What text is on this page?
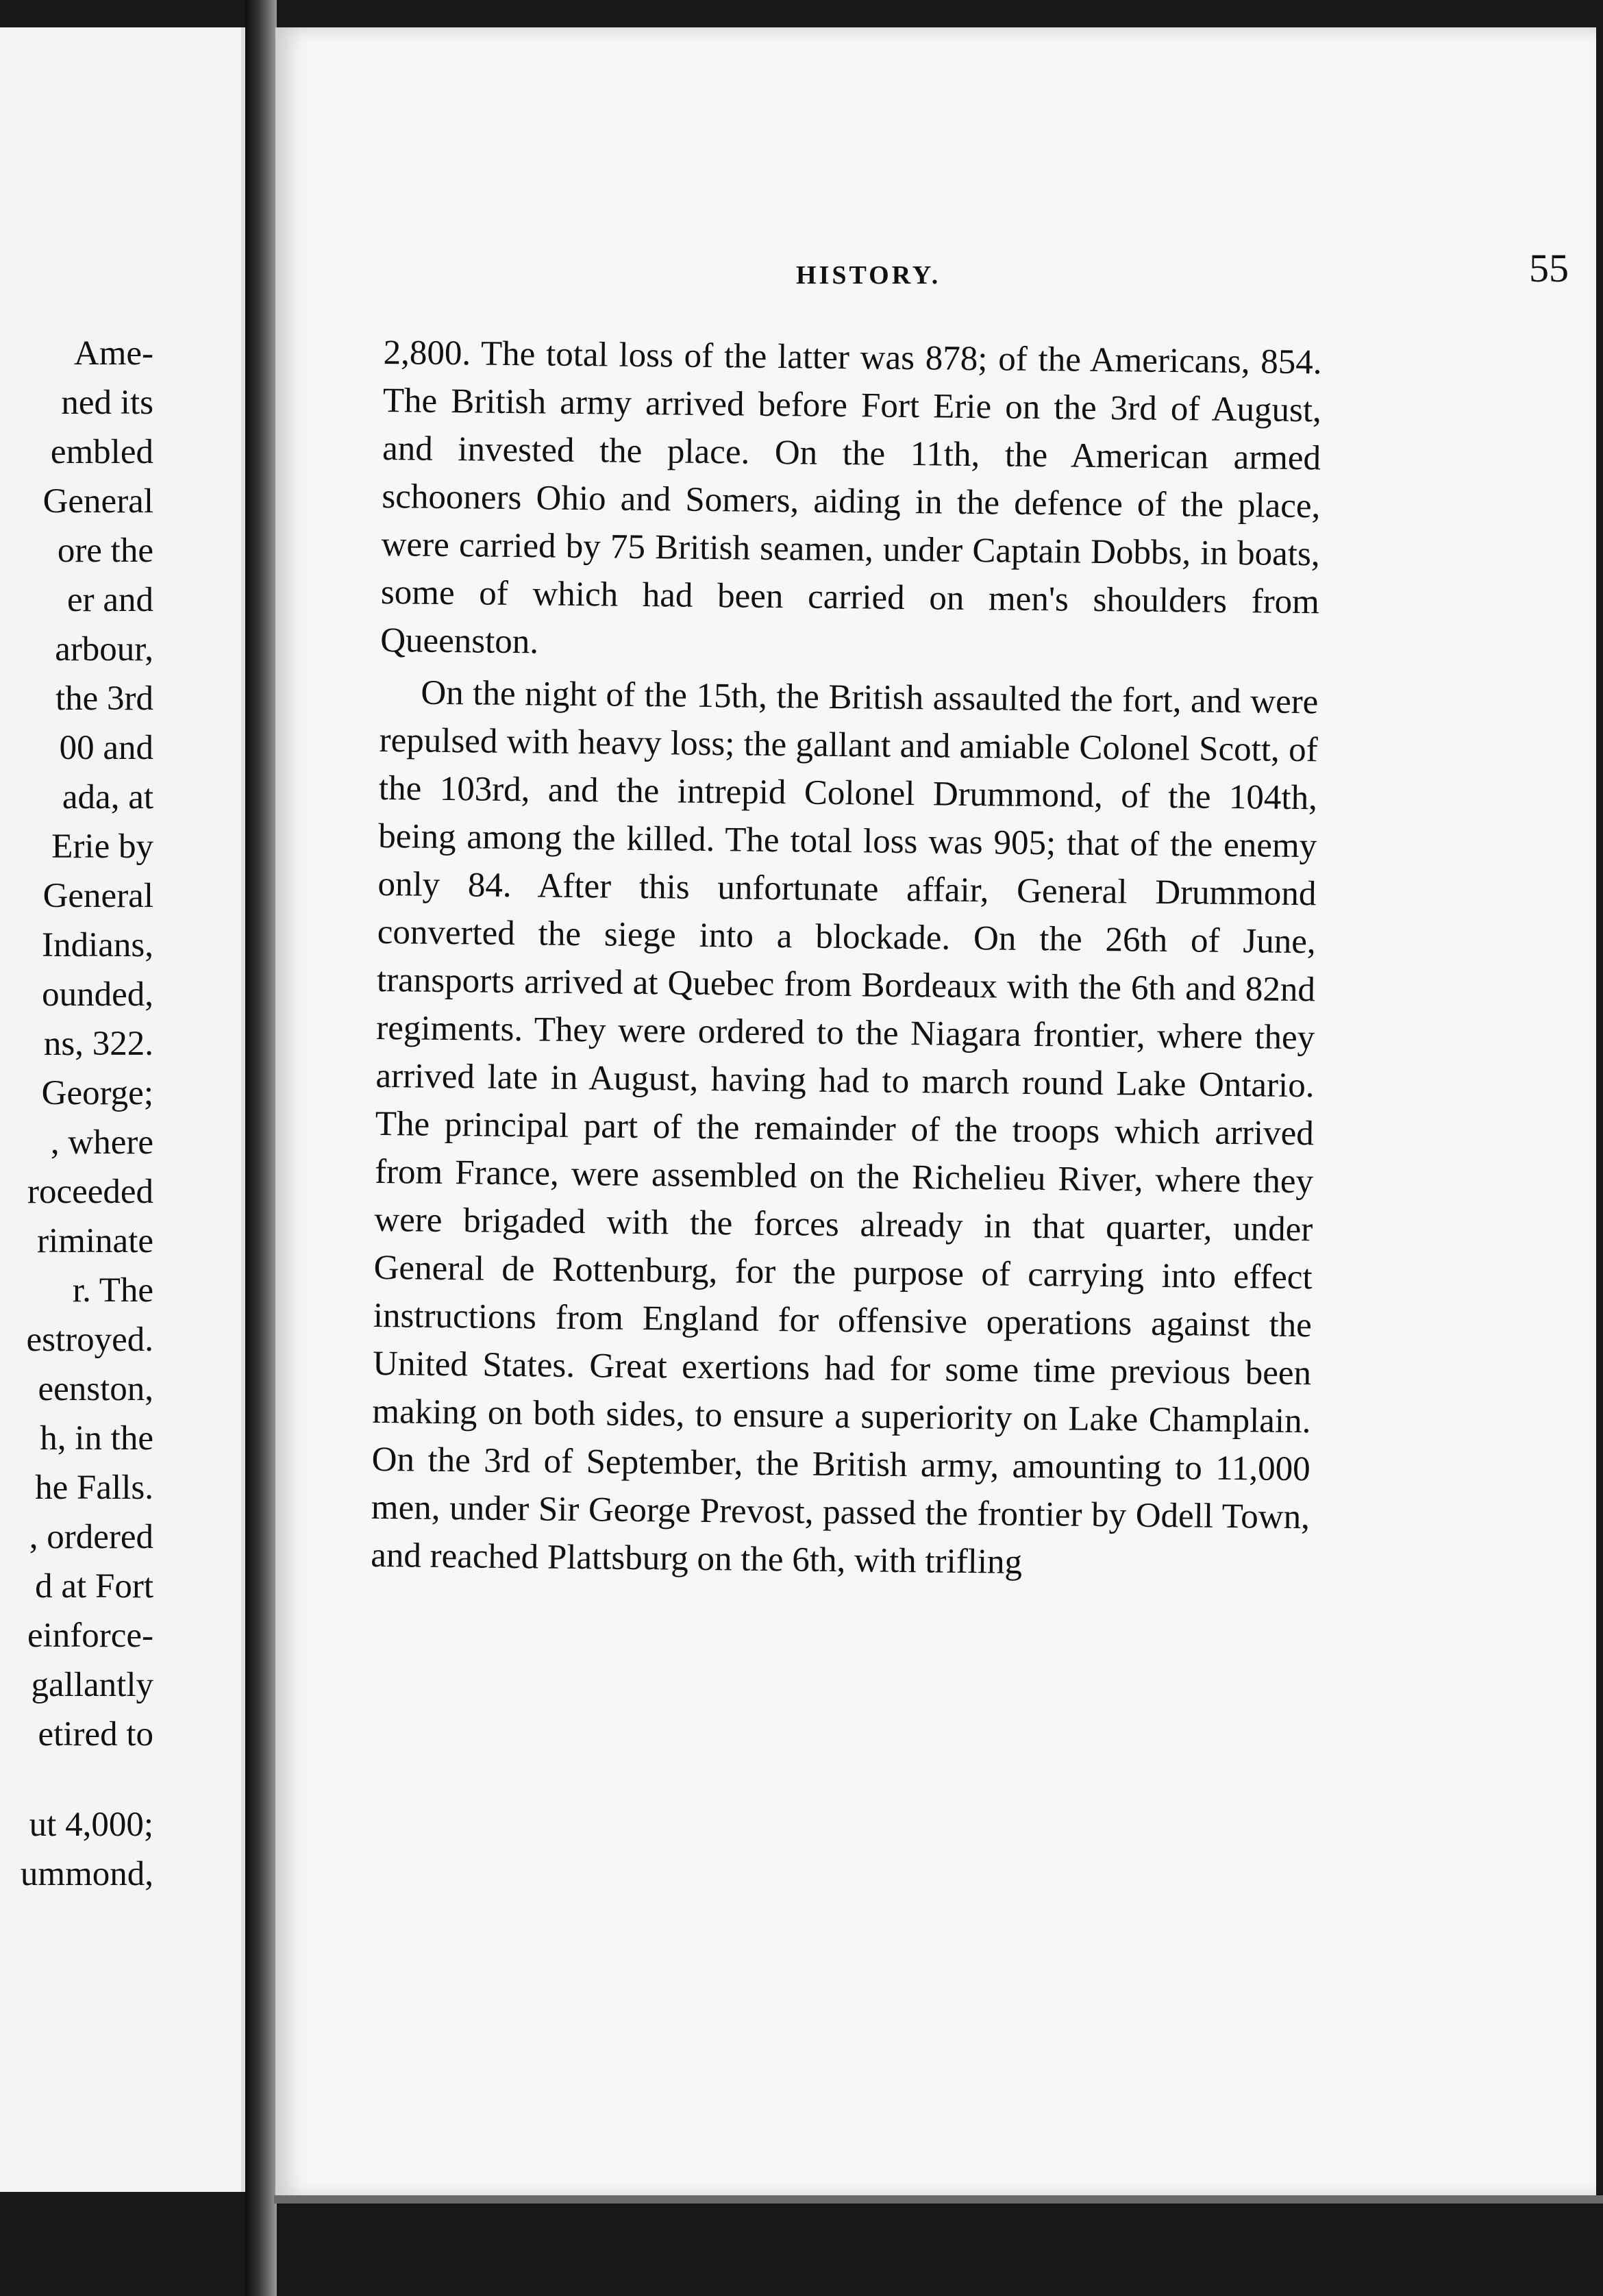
Ame-
ned its
embled
General
ore the
er and
arbour,
the 3rd
00 and
ada, at
Erie by
General
Indians,
ounded,
ns, 322.
George;
, where
roceeded
riminate
r. The
estroyed.
eenston,
h, in the
he Falls.
, ordered
d at Fort
einforce-
gallantly
etired to
ut 4,000;
ummond,
HISTORY.	55

2,800. The total loss of the latter was 878; of the Americans, 854. The British army arrived before Fort Erie on the 3rd of August, and invested the place. On the 11th, the American armed schooners Ohio and Somers, aiding in the defence of the place, were carried by 75 British seamen, under Captain Dobbs, in boats, some of which had been carried on men's shoulders from Queenston.

On the night of the 15th, the British assaulted the fort, and were repulsed with heavy loss; the gallant and amiable Colonel Scott, of the 103rd, and the intrepid Colonel Drummond, of the 104th, being among the killed. The total loss was 905; that of the enemy only 84. After this unfortunate affair, General Drummond converted the siege into a blockade. On the 26th of June, transports arrived at Quebec from Bordeaux with the 6th and 82nd regiments. They were ordered to the Niagara frontier, where they arrived late in August, having had to march round Lake Ontario. The principal part of the remainder of the troops which arrived from France, were assembled on the Richelieu River, where they were brigaded with the forces already in that quarter, under General de Rottenburg, for the purpose of carrying into effect instructions from England for offensive operations against the United States. Great exertions had for some time previous been making on both sides, to ensure a superiority on Lake Champlain. On the 3rd of September, the British army, amounting to 11,000 men, under Sir George Prevost, passed the frontier by Odell Town, and reached Plattsburg on the 6th, with trifling
